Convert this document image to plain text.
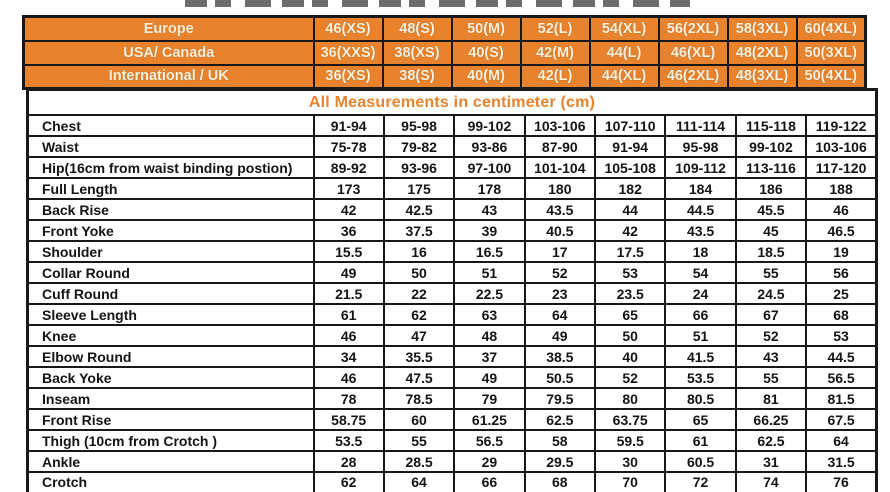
Europe	46(XS)	48(S)	50(M)	52(L)	54(XL)	56(2XL)	58(3XL)	60(4XL)
USA/ Canada	36(XXS)	38(XS)	40(S)	42(M)	44(L)	46(XL)	48(2XL)	50(3XL)
International / UK	36(XS)	38(S)	40(M)	42(L)	44(XL)	46(2XL)	48(3XL)	50(4XL)
All Measurements in centimeter (cm)								
Chest	91-94	95-98	99-102	103-106	107-110	111-114	115-118	119-122
Waist	75-78	79-82	93-86	87-90	91-94	95-98	99-102	103-106
Hip(16cm from waist binding postion)	89-92	93-96	97-100	101-104	105-108	109-112	113-116	117-120
Full Length	173	175	178	180	182	184	186	188
Back Rise	42	42.5	43	43.5	44	44.5	45.5	46
Front Yoke	36	37.5	39	40.5	42	43.5	45	46.5
Shoulder	15.5	16	16.5	17	17.5	18	18.5	19
Collar Round	49	50	51	52	53	54	55	56
Cuff Round	21.5	22	22.5	23	23.5	24	24.5	25
Sleeve Length	61	62	63	64	65	66	67	68
Knee	46	47	48	49	50	51	52	53
Elbow Round	34	35.5	37	38.5	40	41.5	43	44.5
Back Yoke	46	47.5	49	50.5	52	53.5	55	56.5
Inseam	78	78.5	79	79.5	80	80.5	81	81.5
Front Rise	58.75	60	61.25	62.5	63.75	65	66.25	67.5
Thigh (10cm from Crotch )	53.5	55	56.5	58	59.5	61	62.5	64
Ankle	28	28.5	29	29.5	30	60.5	31	31.5
Crotch	62	64	66	68	70	72	74	76
